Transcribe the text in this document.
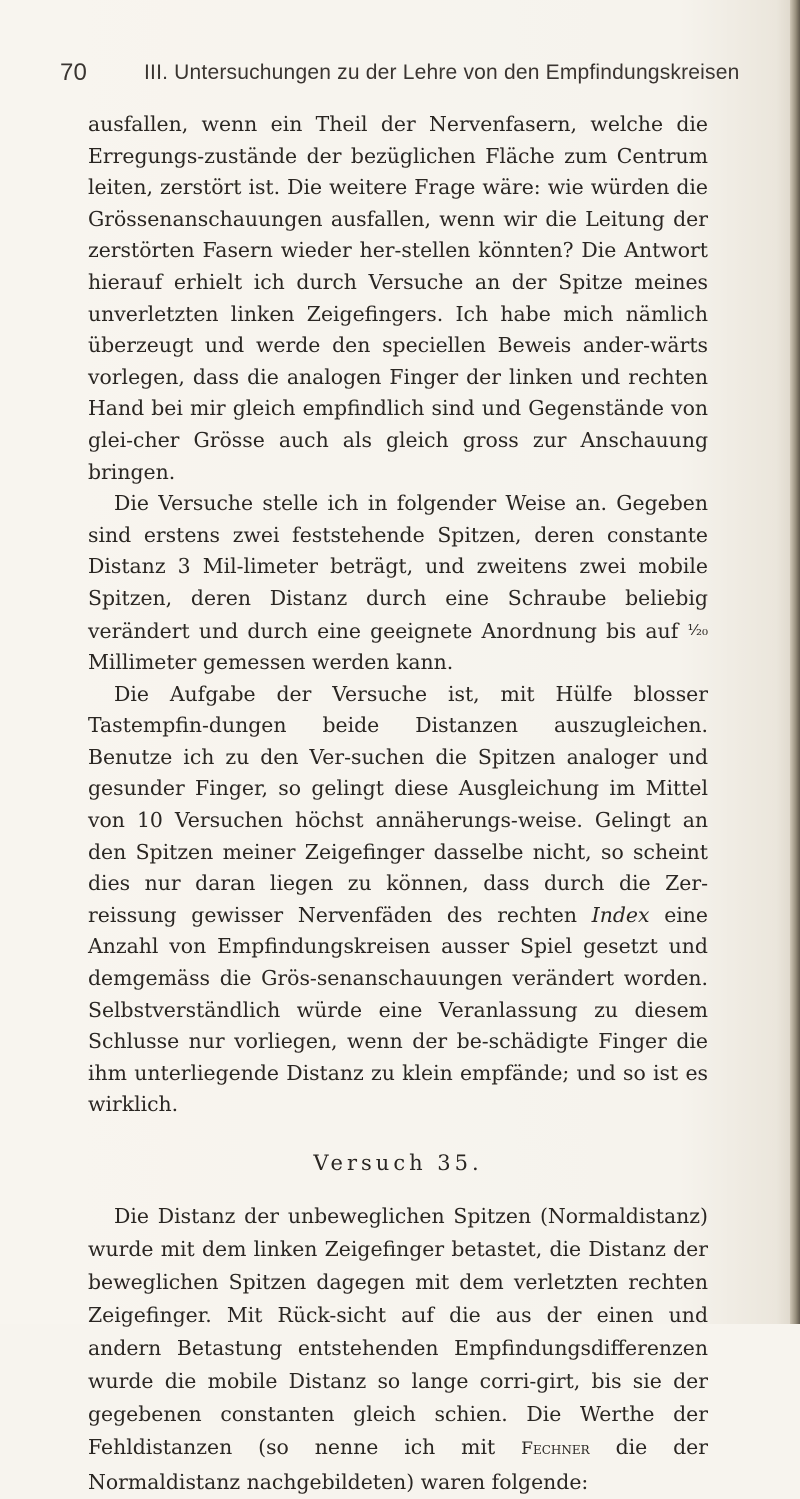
70	III. Untersuchungen zu der Lehre von den Empfindungskreisen

ausfallen, wenn ein Theil der Nervenfasern, welche die Erregungs-zustände der bezüglichen Fläche zum Centrum leiten, zerstört ist. Die weitere Frage wäre: wie würden die Grössenanschauungen ausfallen, wenn wir die Leitung der zerstörten Fasern wieder her-stellen könnten? Die Antwort hierauf erhielt ich durch Versuche an der Spitze meines unverletzten linken Zeigefingers. Ich habe mich nämlich überzeugt und werde den speciellen Beweis ander-wärts vorlegen, dass die analogen Finger der linken und rechten Hand bei mir gleich empfindlich sind und Gegenstände von glei-cher Grösse auch als gleich gross zur Anschauung bringen.

Die Versuche stelle ich in folgender Weise an. Gegeben sind erstens zwei feststehende Spitzen, deren constante Distanz 3 Mil-limeter beträgt, und zweitens zwei mobile Spitzen, deren Distanz durch eine Schraube beliebig verändert und durch eine geeignete Anordnung bis auf ¹⁄₂₀ Millimeter gemessen werden kann.

Die Aufgabe der Versuche ist, mit Hülfe blosser Tastempfin-dungen beide Distanzen auszugleichen. Benutze ich zu den Ver-suchen die Spitzen analoger und gesunder Finger, so gelingt diese Ausgleichung im Mittel von 10 Versuchen höchst annäherungs-weise. Gelingt an den Spitzen meiner Zeigefinger dasselbe nicht, so scheint dies nur daran liegen zu können, dass durch die Zer-reissung gewisser Nervenfäden des rechten Index eine Anzahl von Empfindungskreisen ausser Spiel gesetzt und demgemäss die Grös-senanschauungen verändert worden. Selbstverständlich würde eine Veranlassung zu diesem Schlusse nur vorliegen, wenn der be-schädigte Finger die ihm unterliegende Distanz zu klein empfände; und so ist es wirklich.

Versuch 35.

Die Distanz der unbeweglichen Spitzen (Normaldistanz) wurde mit dem linken Zeigefinger betastet, die Distanz der beweglichen Spitzen dagegen mit dem verletzten rechten Zeigefinger. Mit Rück-sicht auf die aus der einen und andern Betastung entstehenden Empfindungsdifferenzen wurde die mobile Distanz so lange corri-girt, bis sie der gegebenen constanten gleich schien. Die Werthe der Fehldistanzen (so nenne ich mit Fechner die der Normaldistanz nachgebildeten) waren folgende:
